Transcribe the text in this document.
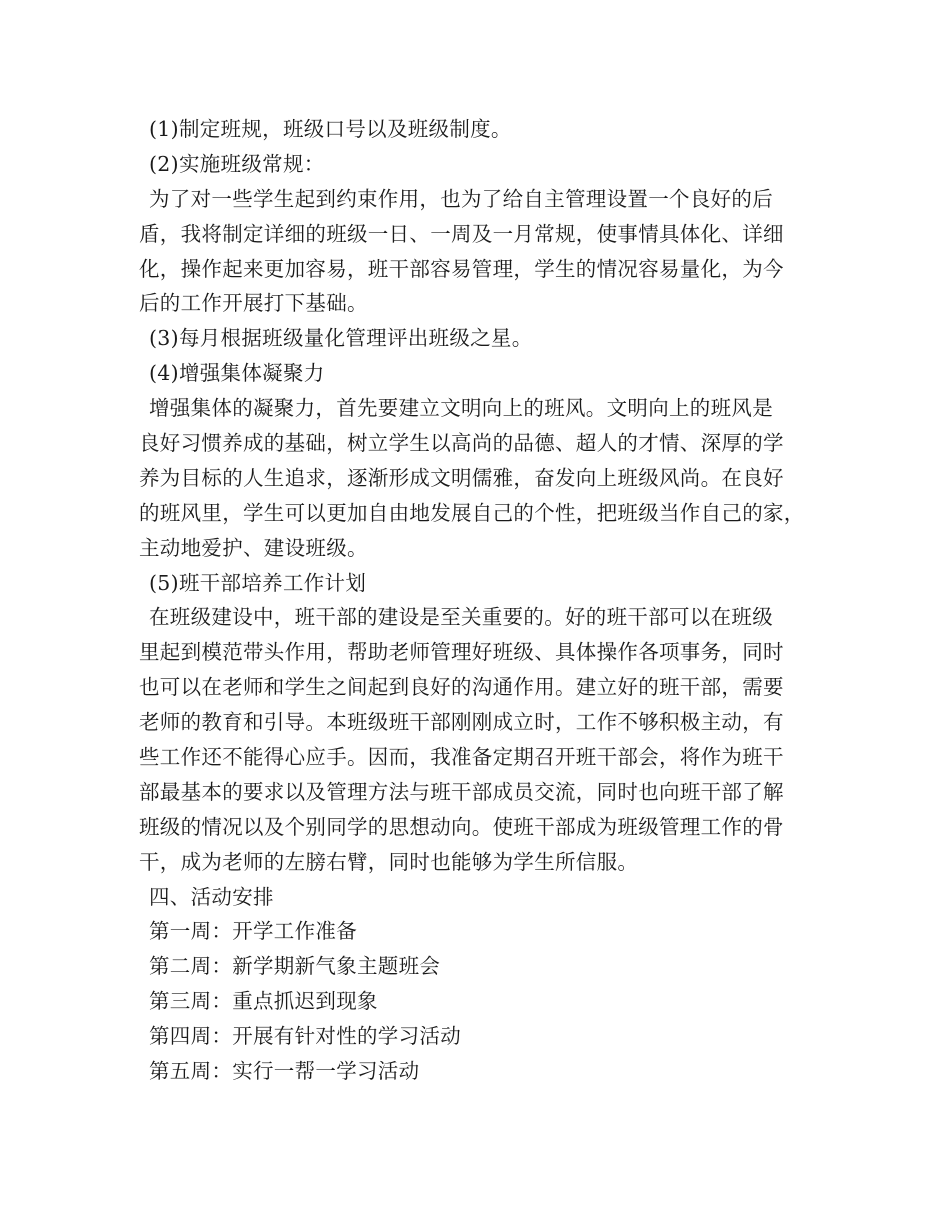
(1)制定班规，班级口号以及班级制度。
(2)实施班级常规：
为了对一些学生起到约束作用，也为了给自主管理设置一个良好的后
盾，我将制定详细的班级一日、一周及一月常规，使事情具体化、详细
化，操作起来更加容易，班干部容易管理，学生的情况容易量化，为今
后的工作开展打下基础。
(3)每月根据班级量化管理评出班级之星。
(4)增强集体凝聚力
增强集体的凝聚力，首先要建立文明向上的班风。文明向上的班风是
良好习惯养成的基础，树立学生以高尚的品德、超人的才情、深厚的学
养为目标的人生追求，逐渐形成文明儒雅，奋发向上班级风尚。在良好
的班风里，学生可以更加自由地发展自己的个性，把班级当作自己的家，
主动地爱护、建设班级。
(5)班干部培养工作计划
在班级建设中，班干部的建设是至关重要的。好的班干部可以在班级
里起到模范带头作用，帮助老师管理好班级、具体操作各项事务，同时
也可以在老师和学生之间起到良好的沟通作用。建立好的班干部，需要
老师的教育和引导。本班级班干部刚刚成立时，工作不够积极主动，有
些工作还不能得心应手。因而，我准备定期召开班干部会，将作为班干
部最基本的要求以及管理方法与班干部成员交流，同时也向班干部了解
班级的情况以及个别同学的思想动向。使班干部成为班级管理工作的骨
干，成为老师的左膀右臂，同时也能够为学生所信服。
四、活动安排
第一周：开学工作准备
第二周：新学期新气象主题班会
第三周：重点抓迟到现象
第四周：开展有针对性的学习活动
第五周：实行一帮一学习活动
